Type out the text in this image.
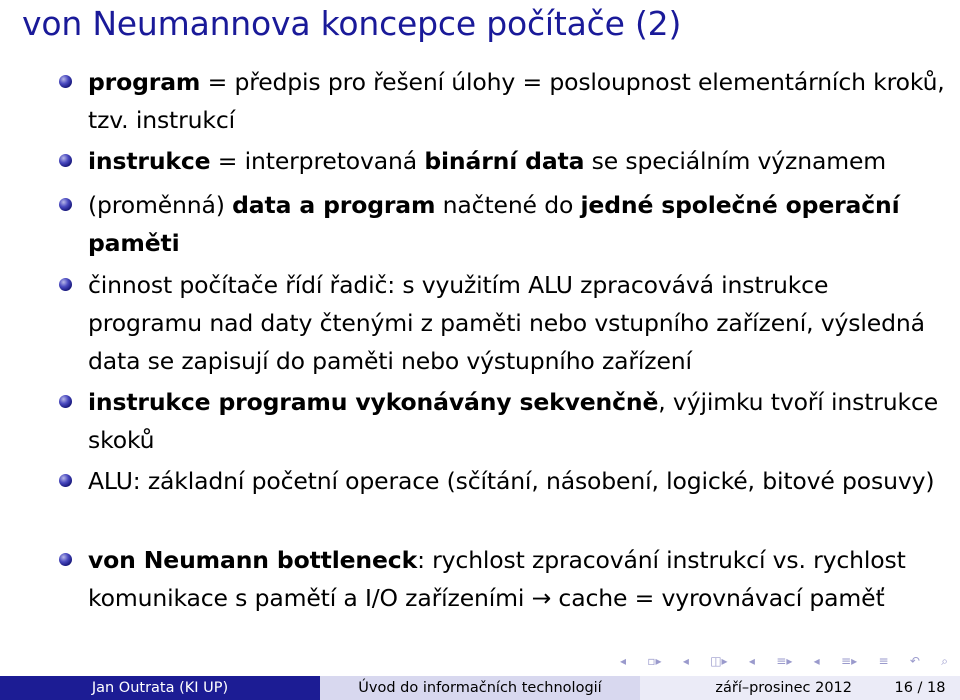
von Neumannova koncepce počítače (2)
program = předpis pro řešení úlohy = posloupnost elementárních kroků, tzv. instrukcí
instrukce = interpretovaná binární data se speciálním významem
(proměnná) data a program načtené do jedné společné operační paměti
činnost počítače řídí řadič: s využitím ALU zpracovává instrukce programu nad daty čtenými z paměti nebo vstupního zařízení, výsledná data se zapisují do paměti nebo výstupního zařízení
instrukce programu vykonávány sekvenčně, výjimku tvoří instrukce skoků
ALU: základní početní operace (sčítání, násobení, logické, bitové posuvy)
von Neumann bottleneck: rychlost zpracování instrukcí vs. rychlost komunikace s pamětí a I/O zařízeními → cache = vyrovnávací paměť
◂ ▫▸ ◂ ◫▸ ◂ ≡▸ ◂ ≡▸ ≡ ↶ ⌕
Jan Outrata (KI UP)	Úvod do informačních technologií	září–prosinec 2012	16 / 18
